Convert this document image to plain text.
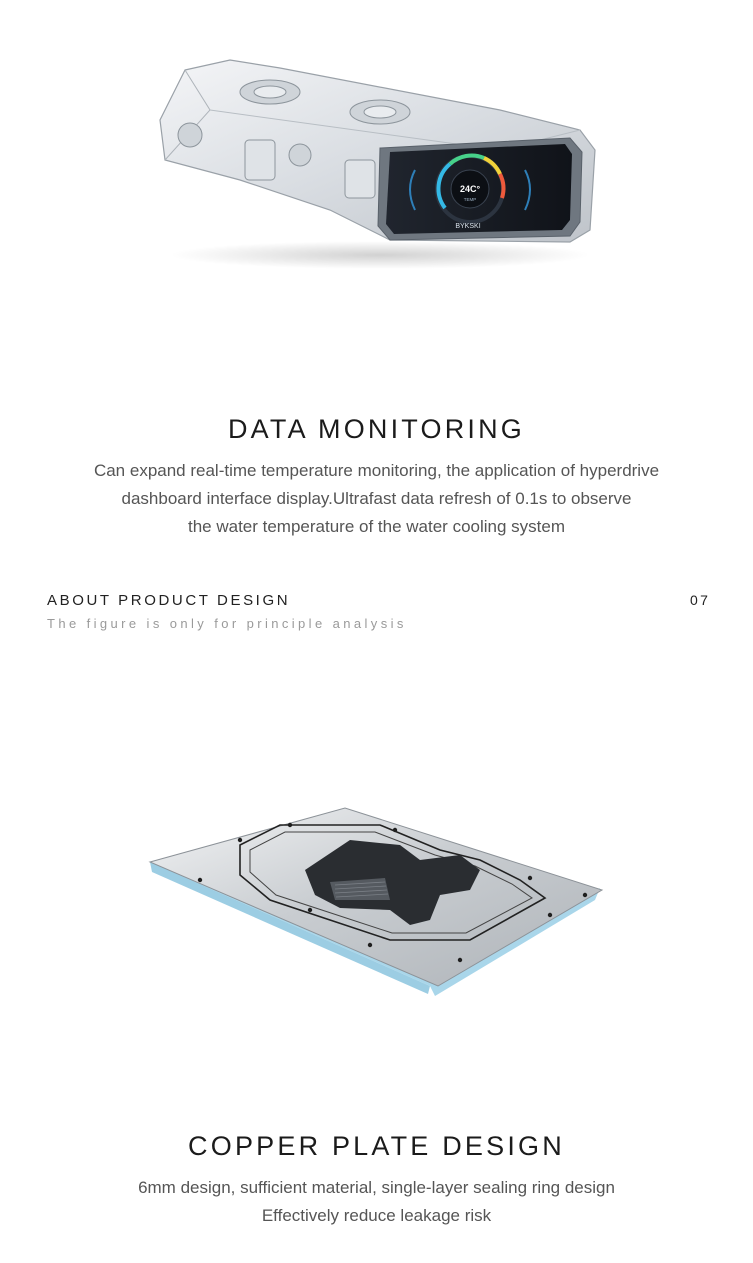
24C°
TEMP
BYKSKI
DATA MONITORING
Can expand real-time temperature monitoring, the application of hyperdrive
dashboard interface display.Ultrafast data refresh of 0.1s to observe
the water temperature of the water cooling system
ABOUT PRODUCT DESIGN
The figure is only for principle analysis
07
COPPER PLATE DESIGN
6mm design, sufficient material, single-layer sealing ring design
Effectively reduce leakage risk
